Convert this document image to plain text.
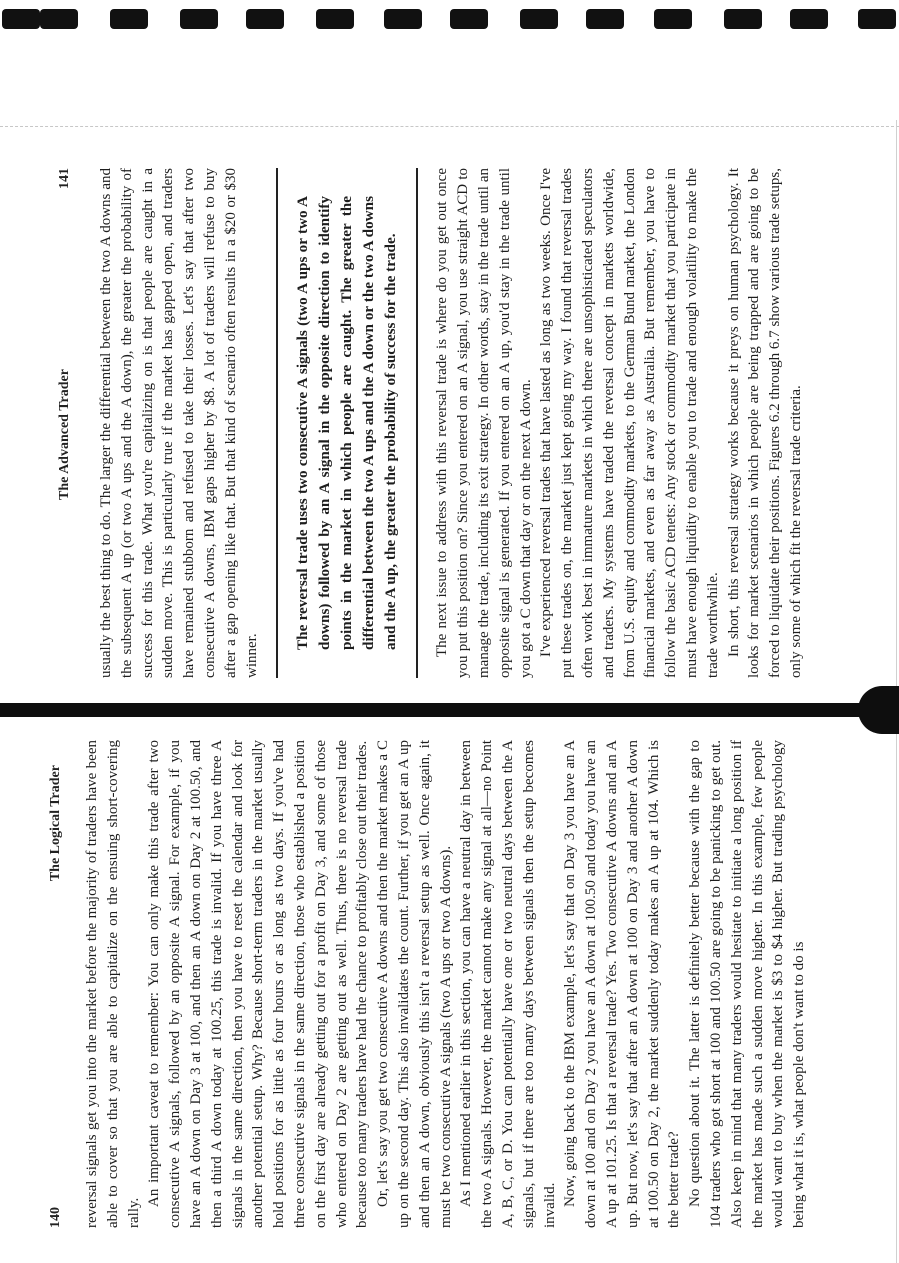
140
The Logical Trader reversal signals get you into the market before the majority of traders have been able to cover so that you are able to capitalize on the ensuing short-covering rally.

An important caveat to remember: You can only make this trade after two consecutive A signals, followed by an opposite A signal. For example, if you have an A down on Day 3 at 100, and then an A down on Day 2 at 100.50, and then a third A down today at 100.25, this trade is invalid. If you have three A signals in the same direction, then you have to reset the calendar and look for another potential setup. Why? Because short-term traders in the market usually hold positions for as little as four hours or as long as two days. If you've had three consecutive signals in the same direction, those who established a position on the first day are already getting out for a profit on Day 3, and some of those who entered on Day 2 are getting out as well. Thus, there is no reversal trade because too many traders have had the chance to profitably close out their trades. Or, let's say you get two consecutive A downs and then the market makes a C up on the second day. This also invalidates the count. Further, if you get an A up and then an A down, obviously this isn't a reversal setup as well. Once again, it must be two consecutive A signals (two A ups or two A downs). As I mentioned earlier in this section, you can have a neutral day in between the two A signals. However, the market cannot make any signal at all—no Point A, B, C, or D. You can potentially have one or two neutral days between the A signals, but if there are too many days between signals then the setup becomes invalid. Now, going back to the IBM example, let's say that on Day 3 you have an A down at 100 and on Day 2 you have an A down at 100.50 and today you have an A up at 101.25. Is that a reversal trade? Yes. Two consecutive A downs and an A up. But now, let's say that after an A down at 100 on Day 3 and another A down at 100.50 on Day 2, the market suddenly today makes an A up at 104. Which is the better trade? No question about it. The latter is definitely better because with the gap to 104 traders who got short at 100 and 100.50 are going to be panicking to get out. Also keep in mind that many traders would hesitate to initiate a long position if the market has made such a sudden move higher. In this example, few people would want to buy when the market is $3 to $4 higher. But trading psychology being what it is, what people don't want to do is

The Advanced Trader
141 usually the best thing to do. The larger the differential between the two A downs and the subsequent A up (or two A ups and the A down), the greater the probability of success for this trade. What you're capitalizing on is that people are caught in a sudden move. This is particularly true if the market has gapped open, and traders have remained stubborn and refused to take their losses. Let's say that after two consecutive A downs, IBM gaps higher by $8. A lot of traders will refuse to buy after a gap opening like that. But that kind of scenario often results in a $20 or $30 winner.

The reversal trade uses two consecutive A signals (two A ups or two A downs) followed by an A signal in the opposite direction to identify points in the market in which people are caught. The greater the differential between the two A ups and the A down or the two A downs and the A up, the greater the probability of success for the trade.	The next issue to address with this reversal trade is where do you get out once you put this position on? Since you entered on an A signal, you use straight ACD to manage the trade, including its exit strategy. In other words, stay in the trade until an opposite signal is generated. If you entered on an A up, you'd stay in the trade until you got a C down that day or on the next A down. I've experienced reversal trades that have lasted as long as two weeks. Once I've put these trades on, the market just kept going my way. I found that reversal trades often work best in immature markets in which there are unsophisticated speculators and traders. My systems have traded the reversal concept in markets worldwide, from U.S. equity and commodity markets, to the German Bund market, the London financial markets, and even as far away as Australia. But remember, you have to follow the basic ACD tenets: Any stock or commodity market that you participate in must have enough liquidity to enable you to trade and enough volatility to make the trade worthwhile. In short, this reversal strategy works because it preys on human psychology. It looks for market scenarios in which people are being trapped and are going to be forced to liquidate their positions. Figures 6.2 through 6.7 show various trade setups, only some of which fit the reversal trade criteria.
